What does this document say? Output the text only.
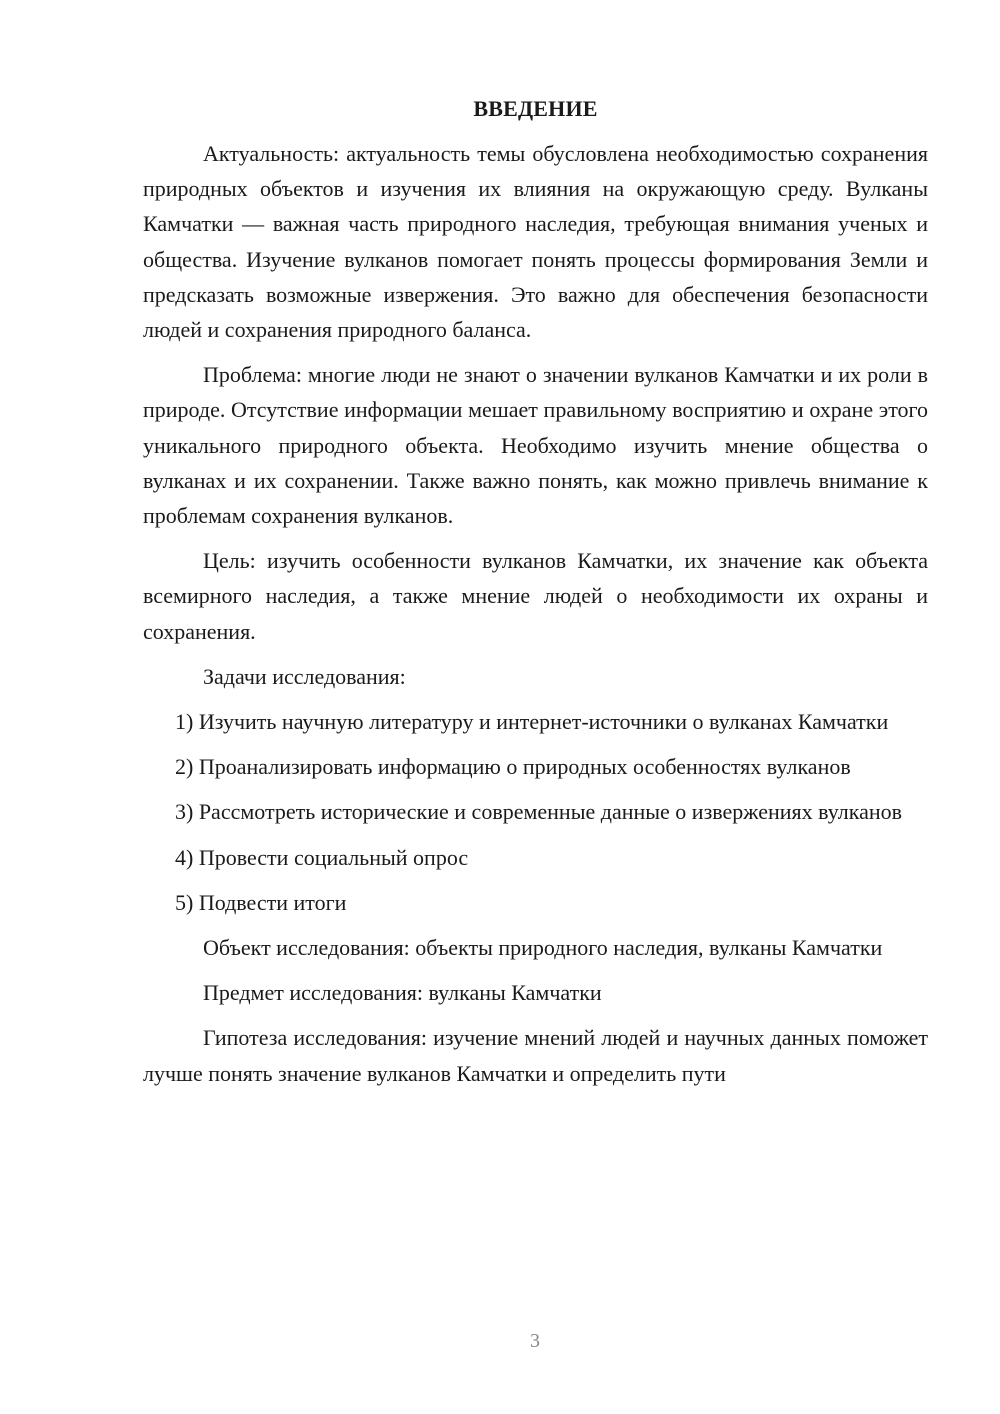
ВВЕДЕНИЕ

Актуальность: актуальность темы обусловлена необходимостью сохранения природных объектов и изучения их влияния на окружающую среду. Вулканы Камчатки — важная часть природного наследия, требующая внимания ученых и общества. Изучение вулканов помогает понять процессы формирования Земли и предсказать возможные извержения. Это важно для обеспечения безопасности людей и сохранения природного баланса.

Проблема: многие люди не знают о значении вулканов Камчатки и их роли в природе. Отсутствие информации мешает правильному восприятию и охране этого уникального природного объекта. Необходимо изучить мнение общества о вулканах и их сохранении. Также важно понять, как можно привлечь внимание к проблемам сохранения вулканов.

Цель: изучить особенности вулканов Камчатки, их значение как объекта всемирного наследия, а также мнение людей о необходимости их охраны и сохранения.

Задачи исследования:

1) Изучить научную литературу и интернет-источники о вулканах Камчатки

2) Проанализировать информацию о природных особенностях вулканов

3) Рассмотреть исторические и современные данные о извержениях вулканов

4) Провести социальный опрос

5) Подвести итоги

Объект исследования: объекты природного наследия, вулканы Камчатки

Предмет исследования: вулканы Камчатки

Гипотеза исследования: изучение мнений людей и научных данных поможет лучше понять значение вулканов Камчатки и определить пути

3
